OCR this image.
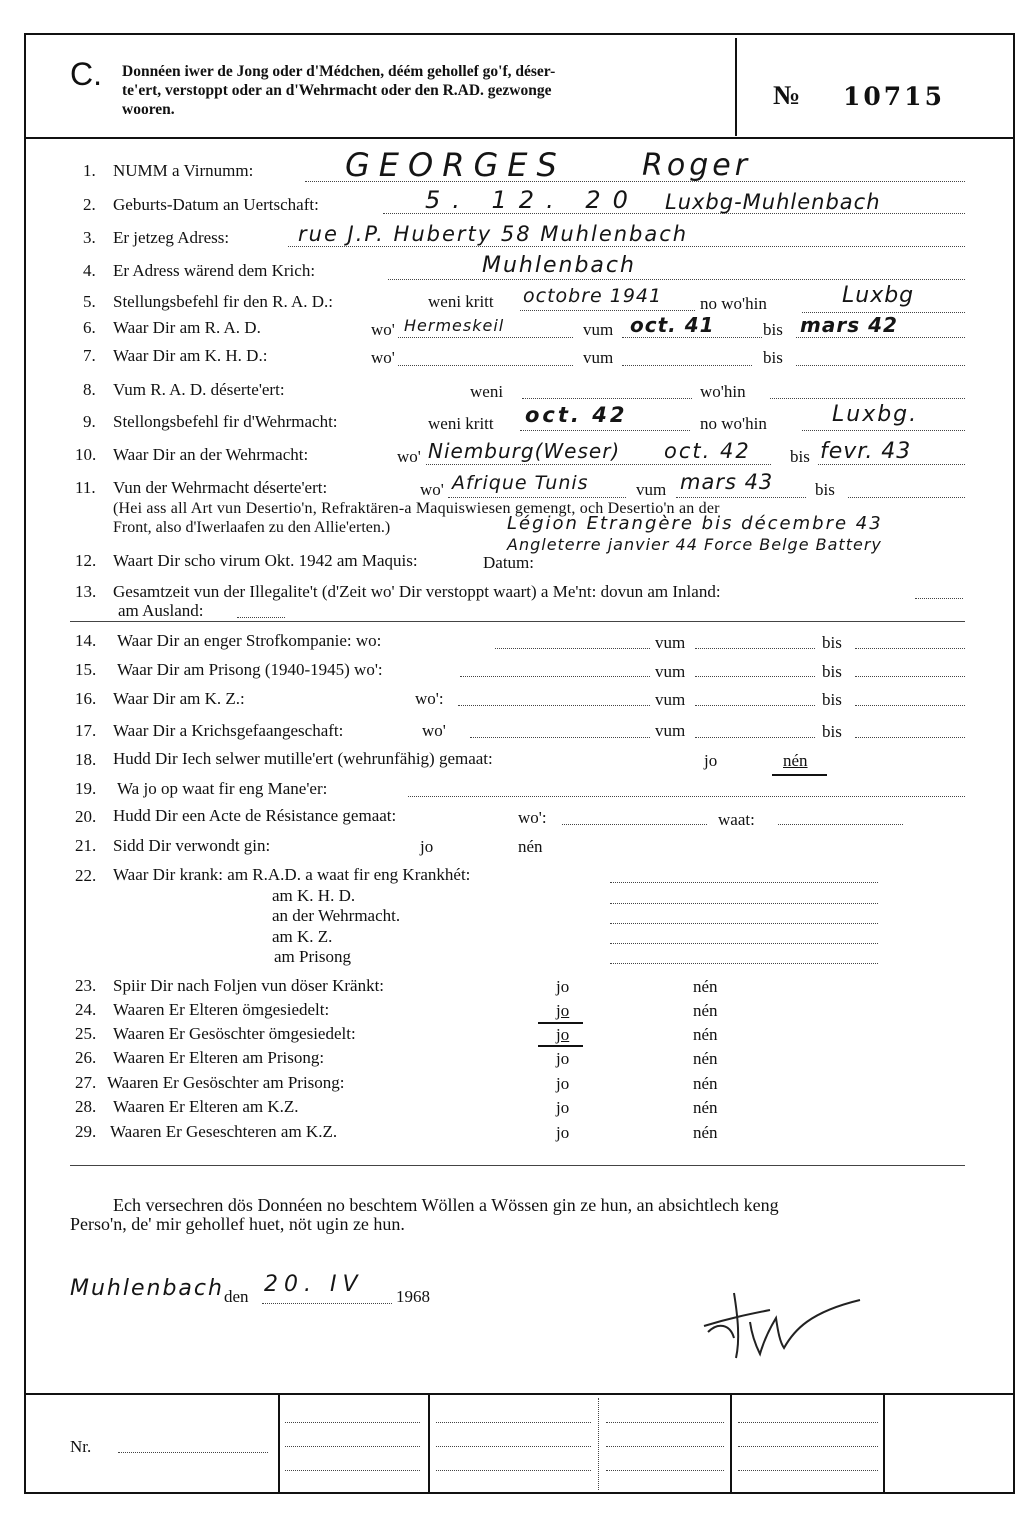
C. Donnéen iwer de Jong oder d'Médchen, déém gehollef go'f, déser-
te'ert, verstoppt oder an d'Wehrmacht oder den R.AD. gezwonge
wooren.	№ 10715
1. NUMM a Virnumm:	GEORGES	Roger
2. Geburts-Datum an Uertschaft:	5. 12. 20 Luxbg-Muhlenbach
3. Er jetzeg Adress:	rue J.P. Huberty 58 Muhlenbach
4. Er Adress wärend dem Krich:	Muhlenbach
5. Stellungsbefehl fir den R. A. D.:	weni kritt octobre 1941 no wo'hin	Luxbg
6. Waar Dir am R. A. D.	wo' Hermeskeil	vum oct. 41	bis mars 42
7. Waar Dir am K. H. D.:	wo'	vum	bis
8. Vum R. A. D. déserte'ert:	weni	wo'hin
9. Stellongsbefehl fir d'Wehrmacht:	weni kritt oct. 42	no wo'hin	Luxbg.
10. Waar Dir an der Wehrmacht:	wo' Niemburg(Weser) oct. 42 bis fevr. 43
11. Vun der Wehrmacht déserte'ert:	wo' Afrique Tunis	vum mars 43 bis
(Hei ass all Art vun Desertio'n, Refraktären-a Maquiswiesen gemengt, och Desertio'n an der
Front, also d'Iwerlaafen zu den Allie'erten.)	Légion Etrangère bis décembre 43
Angleterre janvier 44 Force Belge Battery
12. Waart Dir scho virum Okt. 1942 am Maquis:	Datum:
13. Gesamtzeit vun der Illegalite't (d'Zeit wo' Dir verstoppt waart) a Me'nt: dovun am Inland:
am Ausland:
14. Waar Dir an enger Strofkompanie: wo:	vum	bis
15. Waar Dir am Prisong (1940-1945) wo':	vum	bis
16. Waar Dir am K. Z.:	wo':	vum	bis
17. Waar Dir a Krichsgefaangeschaft:	wo'	vum	bis
18. Hudd Dir Iech selwer mutille'ert (wehrunfähig) gemaat:	jo	nén
19. Wa jo op waat fir eng Mane'er:
20. Hudd Dir een Acte de Résistance gemaat:	wo':	waat:
21. Sidd Dir verwondt gin:	jo	nén
22. Waar Dir krank: am R.A.D. a waat fir eng Krankhét:
am K. H. D.
an der Wehrmacht.
am K. Z.
am Prisong
23. Spiir Dir nach Foljen vun döser Kränkt:	jo	nén
24. Waaren Er Elteren ömgesiedelt:	jo	nén
25. Waaren Er Gesöschter ömgesiedelt:	jo	nén
26. Waaren Er Elteren am Prisong:	jo	nén
27. Waaren Er Gesöschter am Prisong:	jo	nén
28. Waaren Er Elteren am K.Z.	jo	nén
29. Waaren Er Geseschteren am K.Z.	jo	nén
Ech versechren dös Donnéen no beschtem Wöllen a Wössen gin ze hun, an absichtlech keng
Perso'n, de' mir gehollef huet, nöt ugin ze hun.
Muhlenbach den 20. IV 1968
Nr.
